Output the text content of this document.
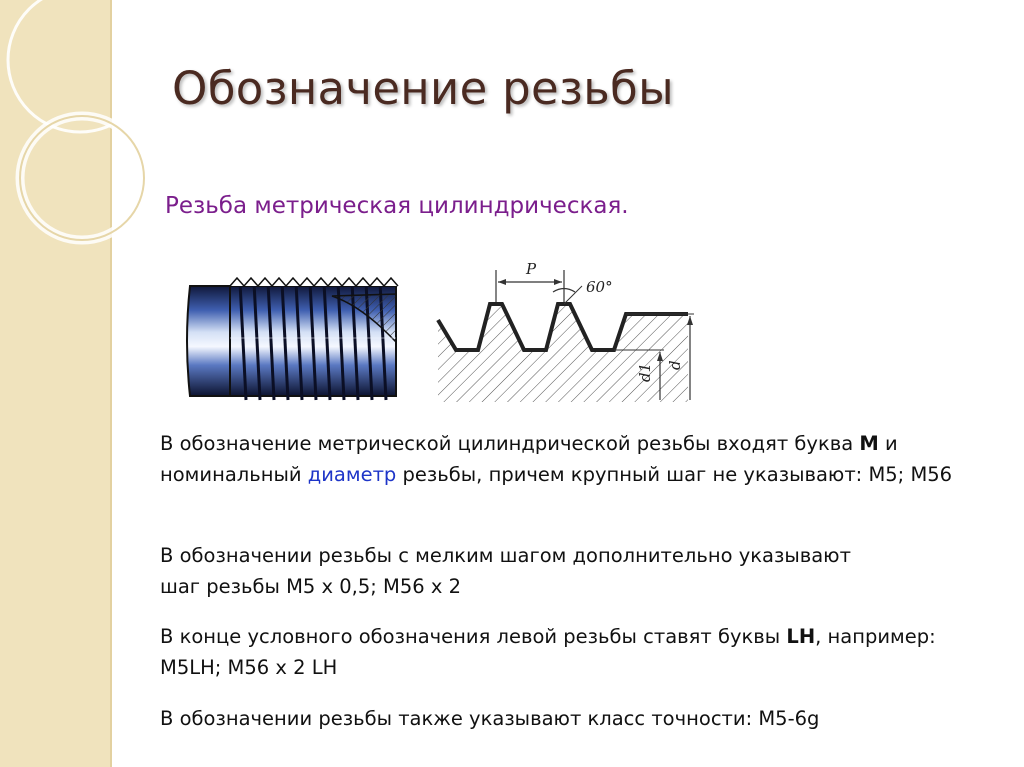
Обозначение резьбы
Резьба метрическая цилиндрическая.
P
60°
d1 d

В обозначение метрической цилиндрической резьбы входят буква М и номинальный диаметр резьбы, причем крупный шаг не указывают: М5; М56

В обозначении резьбы с мелким шагом дополнительно указывают шаг резьбы М5 х 0,5; М56 х 2

В конце условного обозначения левой резьбы ставят буквы LH, например: M5LH; M56 х 2 LH

В обозначении резьбы также указывают класс точности: М5-6g
